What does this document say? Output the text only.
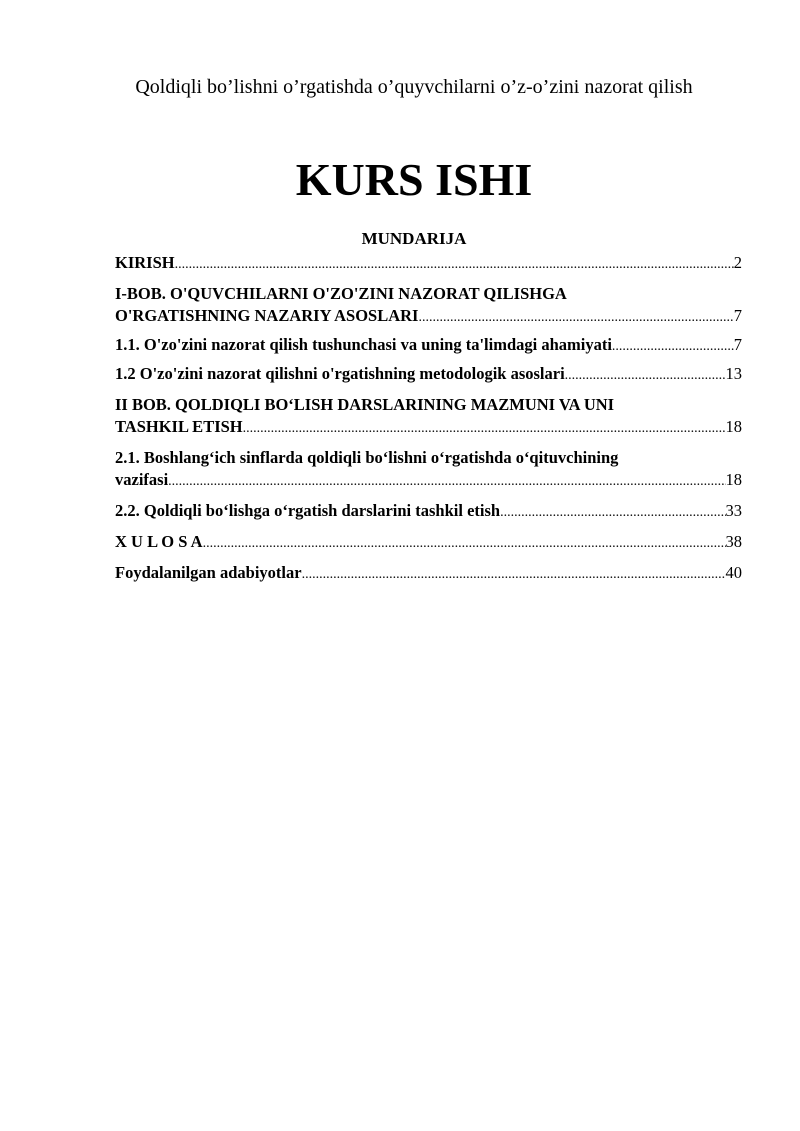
Qoldiqli bo’lishni o’rgatishda o’quyvchilarni o’z-o’zini nazorat qilish
KURS ISHI
MUNDARIJA
KIRISH .....	2
I-BOB. O'QUVCHILARNI O'ZO'ZINI NAZORAT QILISHGA
O'RGATISHNING NAZARIY ASOSLARI .....	7
1.1. O'zo'zini nazorat qilish tushunchasi va uning ta'limdagi ahamiyati .....	7
1.2 O'zo'zini nazorat qilishni o'rgatishning metodologik asoslari .....	13
II BOB. QOLDIQLI BO‘LISH DARSLARINING MAZMUNI VA UNI
TASHKIL ETISH .....	18
2.1. Boshlang‘ich sinflarda qoldiqli bo‘lishni o‘rgatishda o‘qituvchining
vazifasi .....	18
2.2. Qoldiqli bo‘lishga o‘rgatish darslarini tashkil etish .....	33
X U L O S A .....	38
Foydalanilgan adabiyotlar .....	40
